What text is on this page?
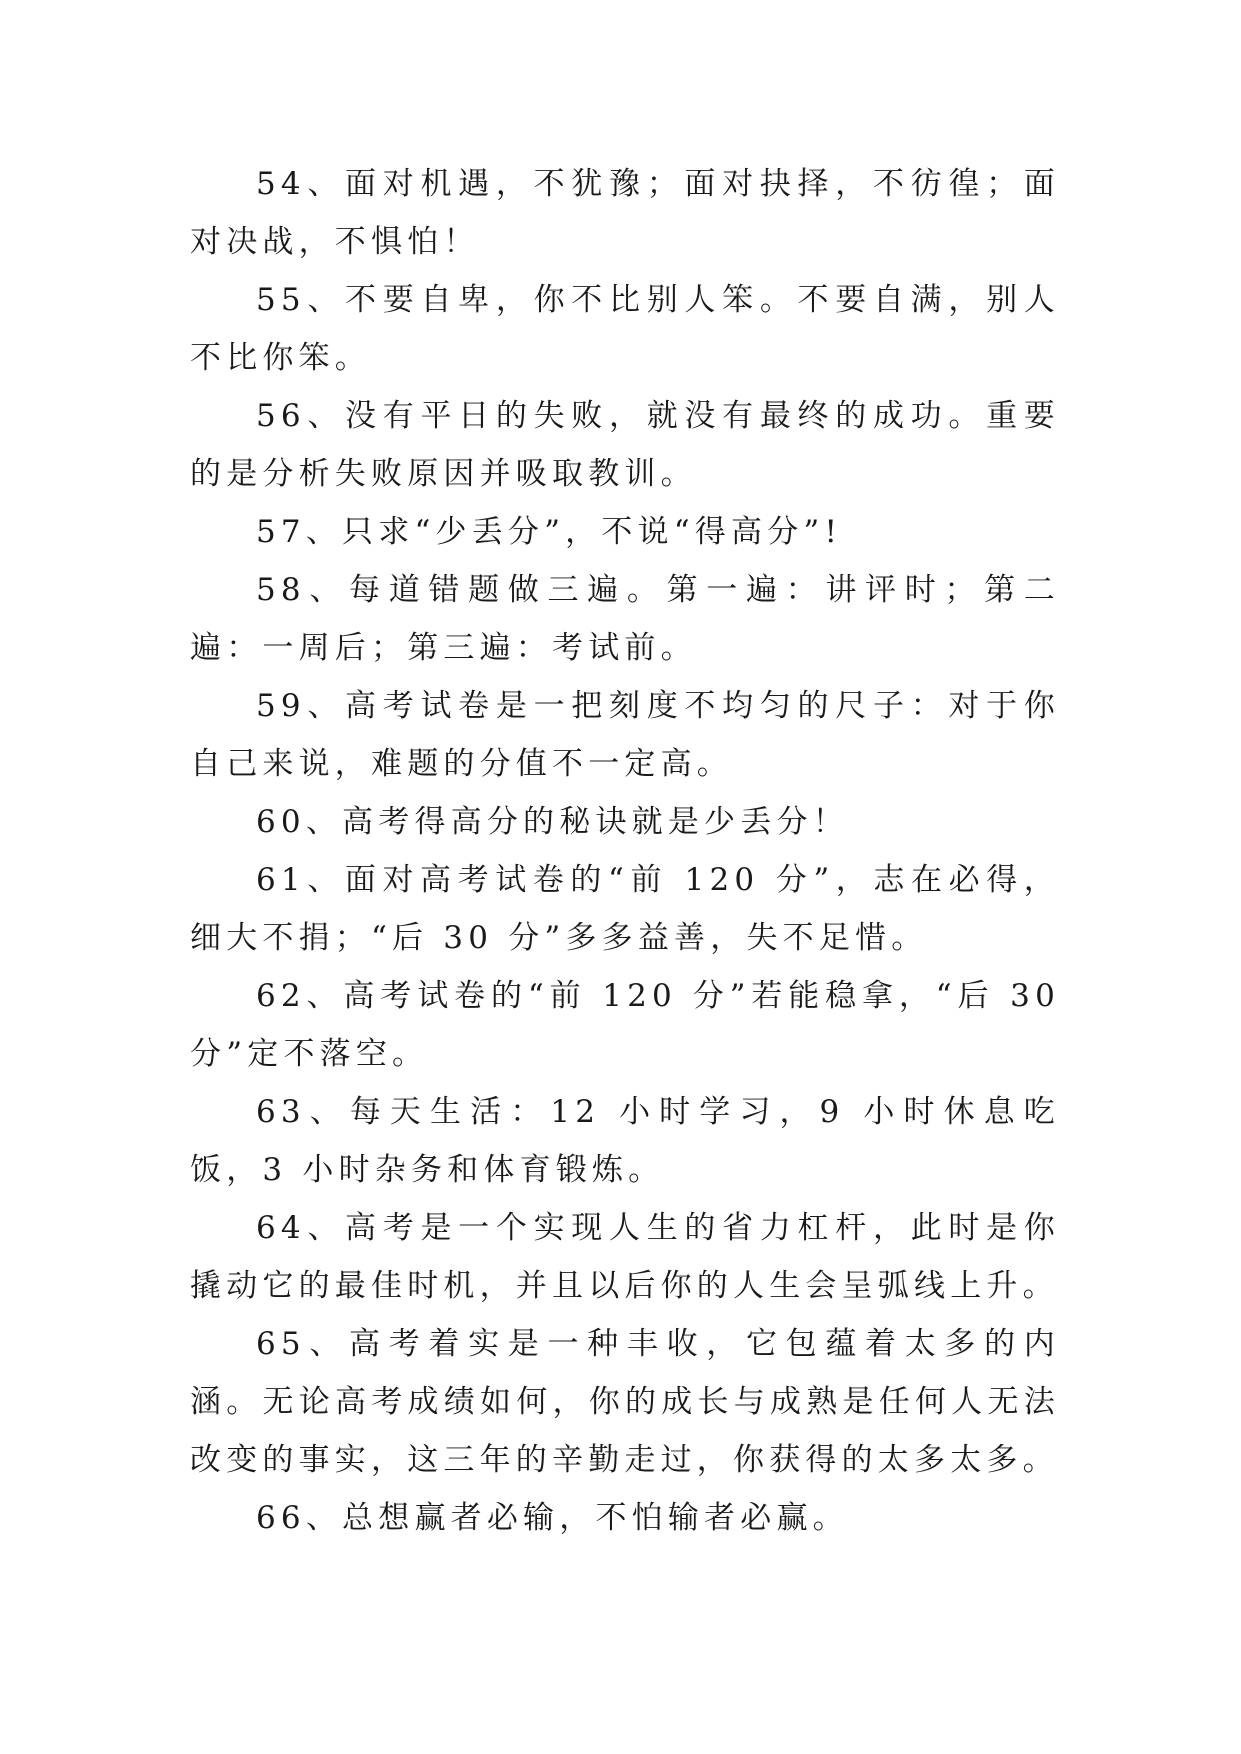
54、面对机遇，不犹豫；面对抉择，不彷徨；面对决战，不惧怕！

55、不要自卑，你不比别人笨。不要自满，别人不比你笨。

56、没有平日的失败，就没有最终的成功。重要的是分析失败原因并吸取教训。

57、只求“少丢分”，不说“得高分”!

58、每道错题做三遍。第一遍：讲评时；第二遍：一周后；第三遍：考试前。

59、高考试卷是一把刻度不均匀的尺子：对于你自己来说，难题的分值不一定高。

60、高考得高分的秘诀就是少丢分！

61、面对高考试卷的“前 120 分”，志在必得，细大不捐；“后 30 分”多多益善，失不足惜。

62、高考试卷的“前 120 分”若能稳拿，“后 30 分”定不落空。

63、每天生活：12 小时学习，9 小时休息吃饭，3 小时杂务和体育锻炼。

64、高考是一个实现人生的省力杠杆，此时是你撬动它的最佳时机，并且以后你的人生会呈弧线上升。

65、高考着实是一种丰收，它包蕴着太多的内涵。无论高考成绩如何，你的成长与成熟是任何人无法改变的事实，这三年的辛勤走过，你获得的太多太多。

66、总想赢者必输，不怕输者必赢。
